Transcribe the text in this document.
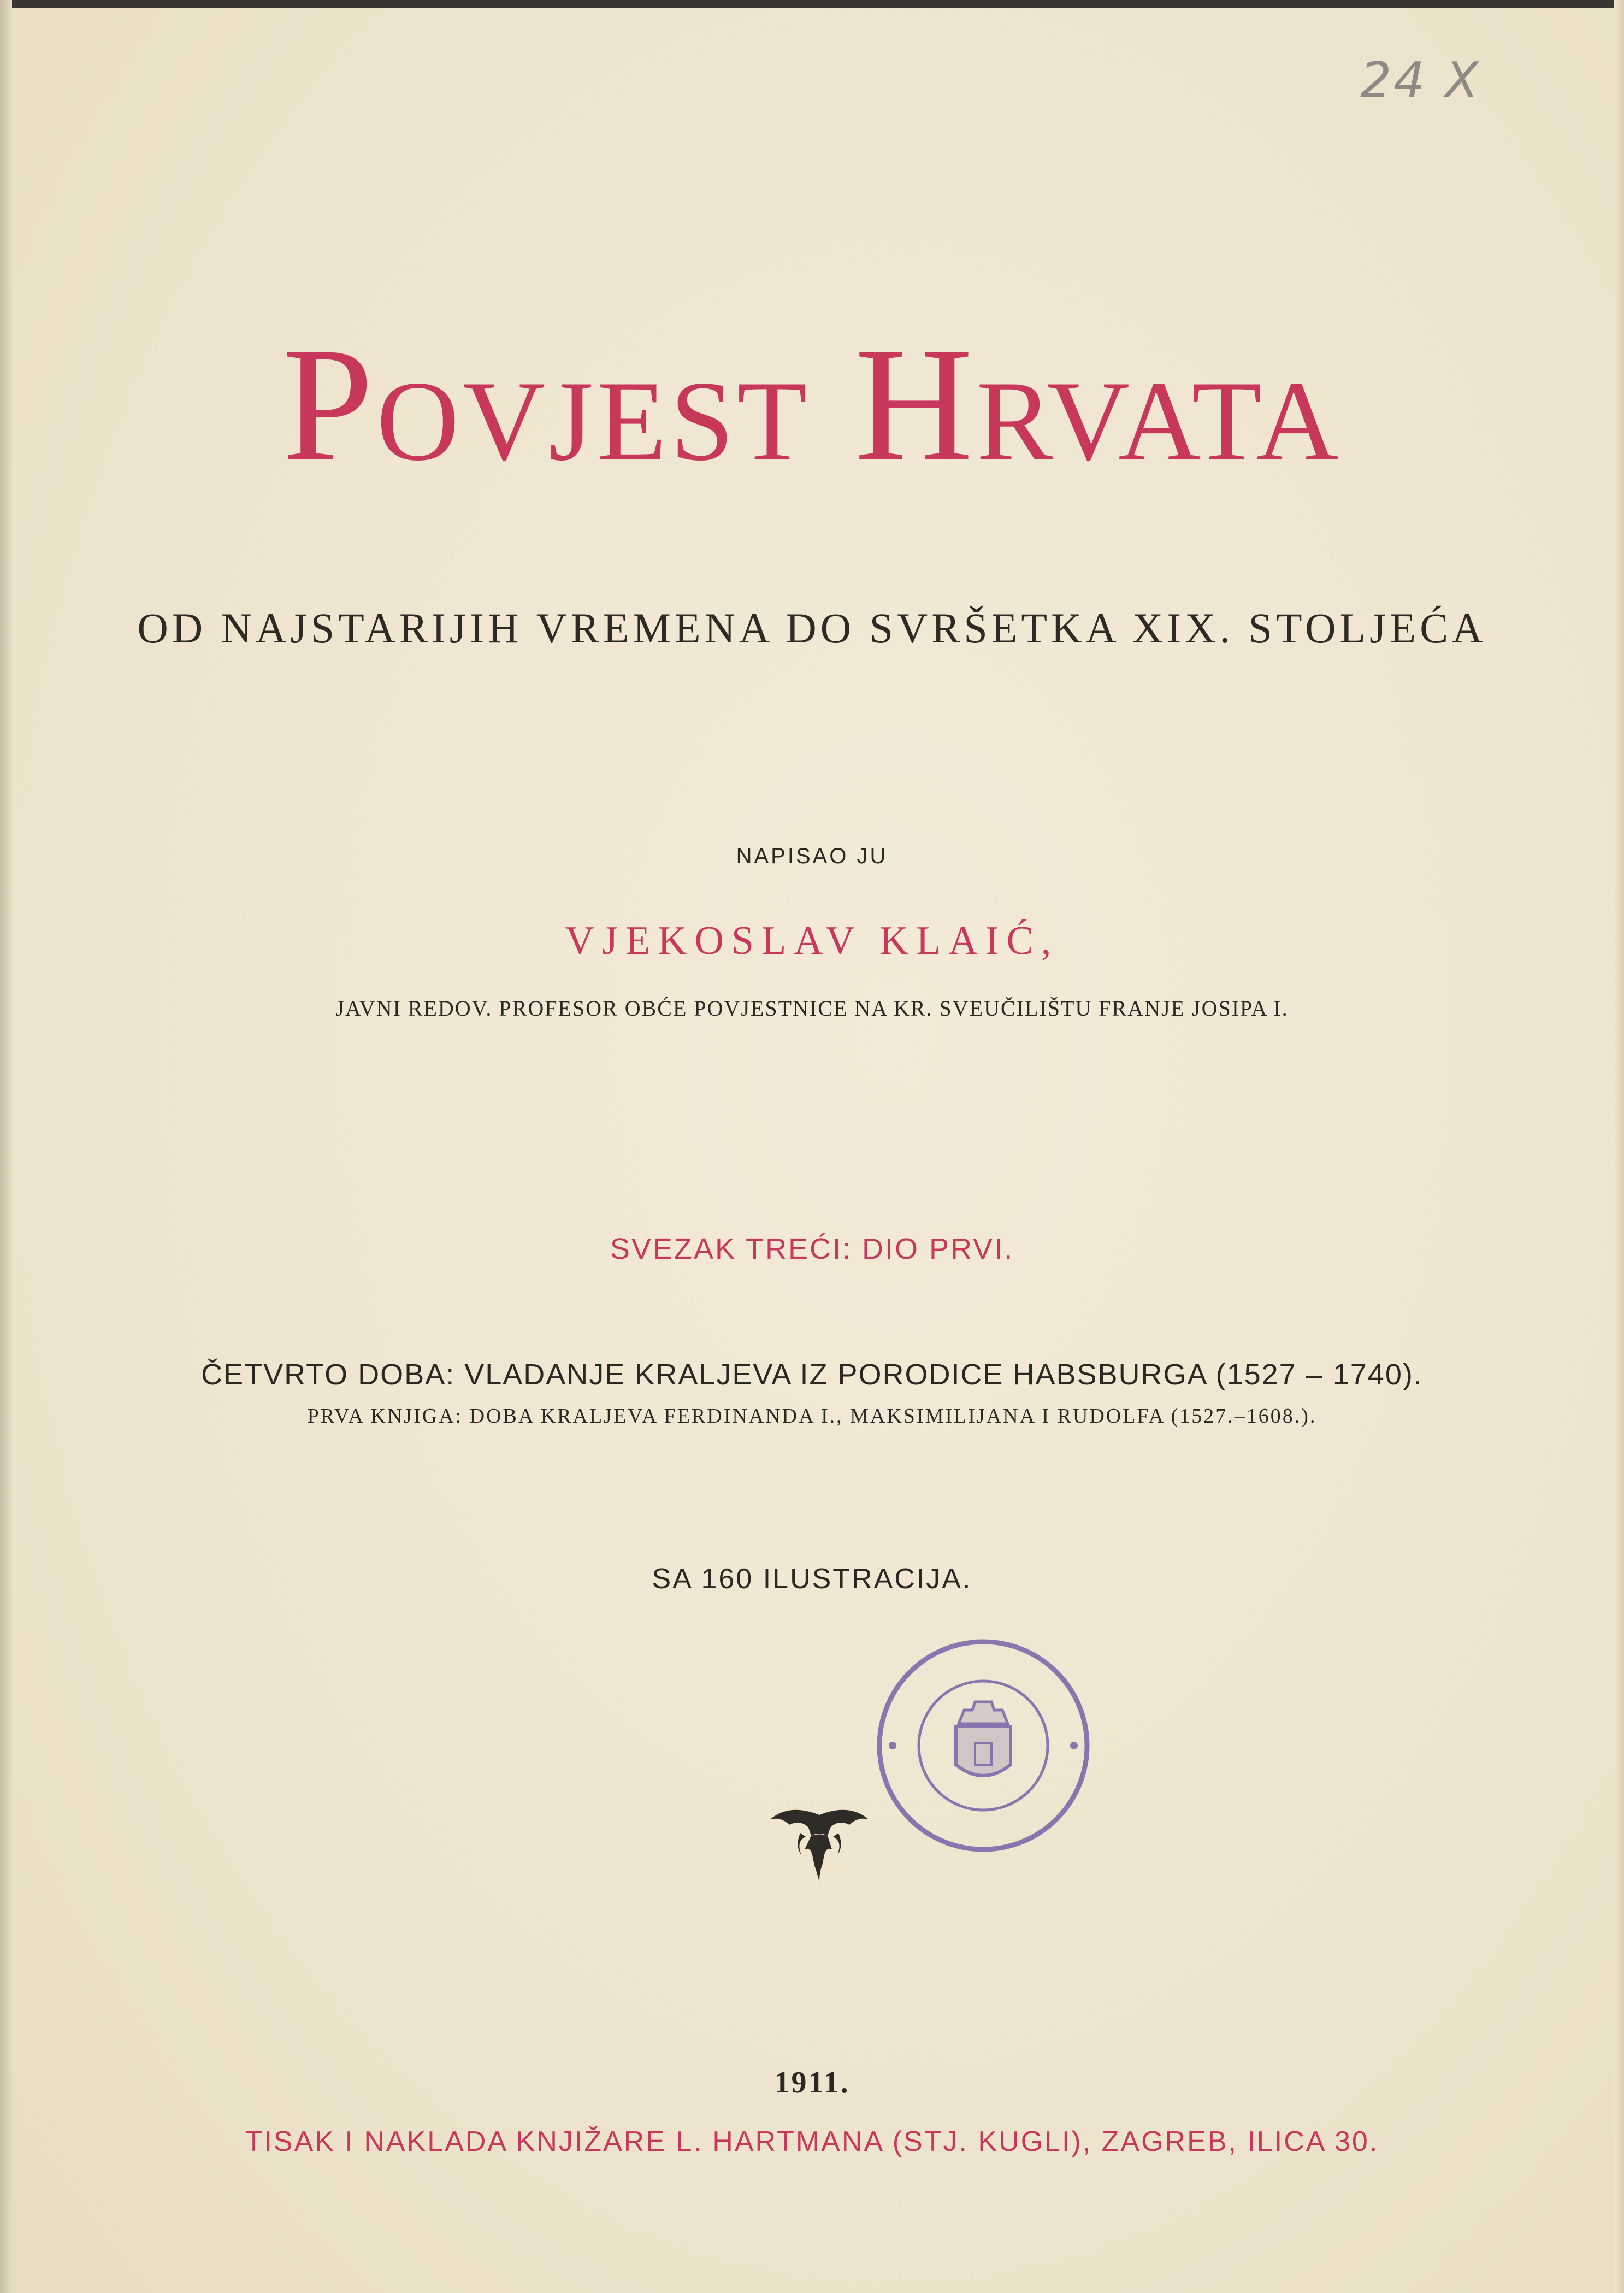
24 X
Povjest Hrvata
OD NAJSTARIJIH VREMENA DO SVRŠETKA XIX. STOLJEĆA
NAPISAO JU
VJEKOSLAV KLAIĆ,
JAVNI REDOV. PROFESOR OBĆE POVJESTNICE NA KR. SVEUČILIŠTU FRANJE JOSIPA I.
SVEZAK TREĆI: DIO PRVI.
ČETVRTO DOBA: VLADANJE KRALJEVA IZ PORODICE HABSBURGA (1527 – 1740).
PRVA KNJIGA: DOBA KRALJEVA FERDINANDA I., MAKSIMILIJANA I RUDOLFA (1527.–1608.).
SA 160 ILUSTRACIJA.
1911.
TISAK I NAKLADA KNJIŽARE L. HARTMANA (STJ. KUGLI), ZAGREB, ILICA 30.
